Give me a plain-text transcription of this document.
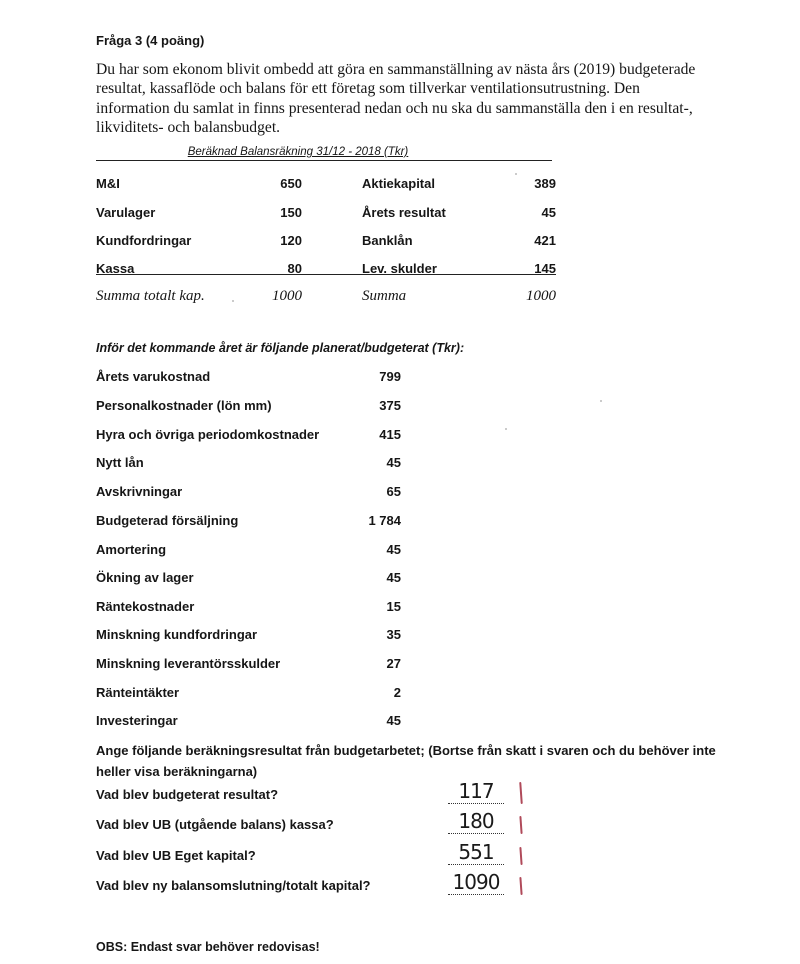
Fråga 3 (4 poäng)
Du har som ekonom blivit ombedd att göra en sammanställning av nästa års (2019) budgeterade resultat, kassaflöde och balans för ett företag som tillverkar ventilationsutrustning. Den information du samlat in finns presenterad nedan och nu ska du sammanställa den i en resultat-, likviditets- och balansbudget.
Beräknad Balansräkning 31/12 - 2018 (Tkr)
M&I	650	Aktiekapital	389
Varulager	150	Årets resultat	45
Kundfordringar	120	Banklån	421
Kassa	80	Lev. skulder	145
Summa totalt kap.	1000	Summa	1000
Inför det kommande året är följande planerat/budgeterat (Tkr):
Årets varukostnad	799
Personalkostnader (lön mm)	375
Hyra och övriga periodomkostnader	415
Nytt lån	45
Avskrivningar	65
Budgeterad försäljning	1 784
Amortering	45
Ökning av lager	45
Räntekostnader	15
Minskning kundfordringar	35
Minskning leverantörsskulder	27
Ränteintäkter	2
Investeringar	45
Ange följande beräkningsresultat från budgetarbetet; (Bortse från skatt i svaren och du behöver inte heller visa beräkningarna)
Vad blev budgeterat resultat?	117
Vad blev UB (utgående balans) kassa?	180
Vad blev UB Eget kapital?	551
Vad blev ny balansomslutning/totalt kapital?	1090
OBS: Endast svar behöver redovisas!
